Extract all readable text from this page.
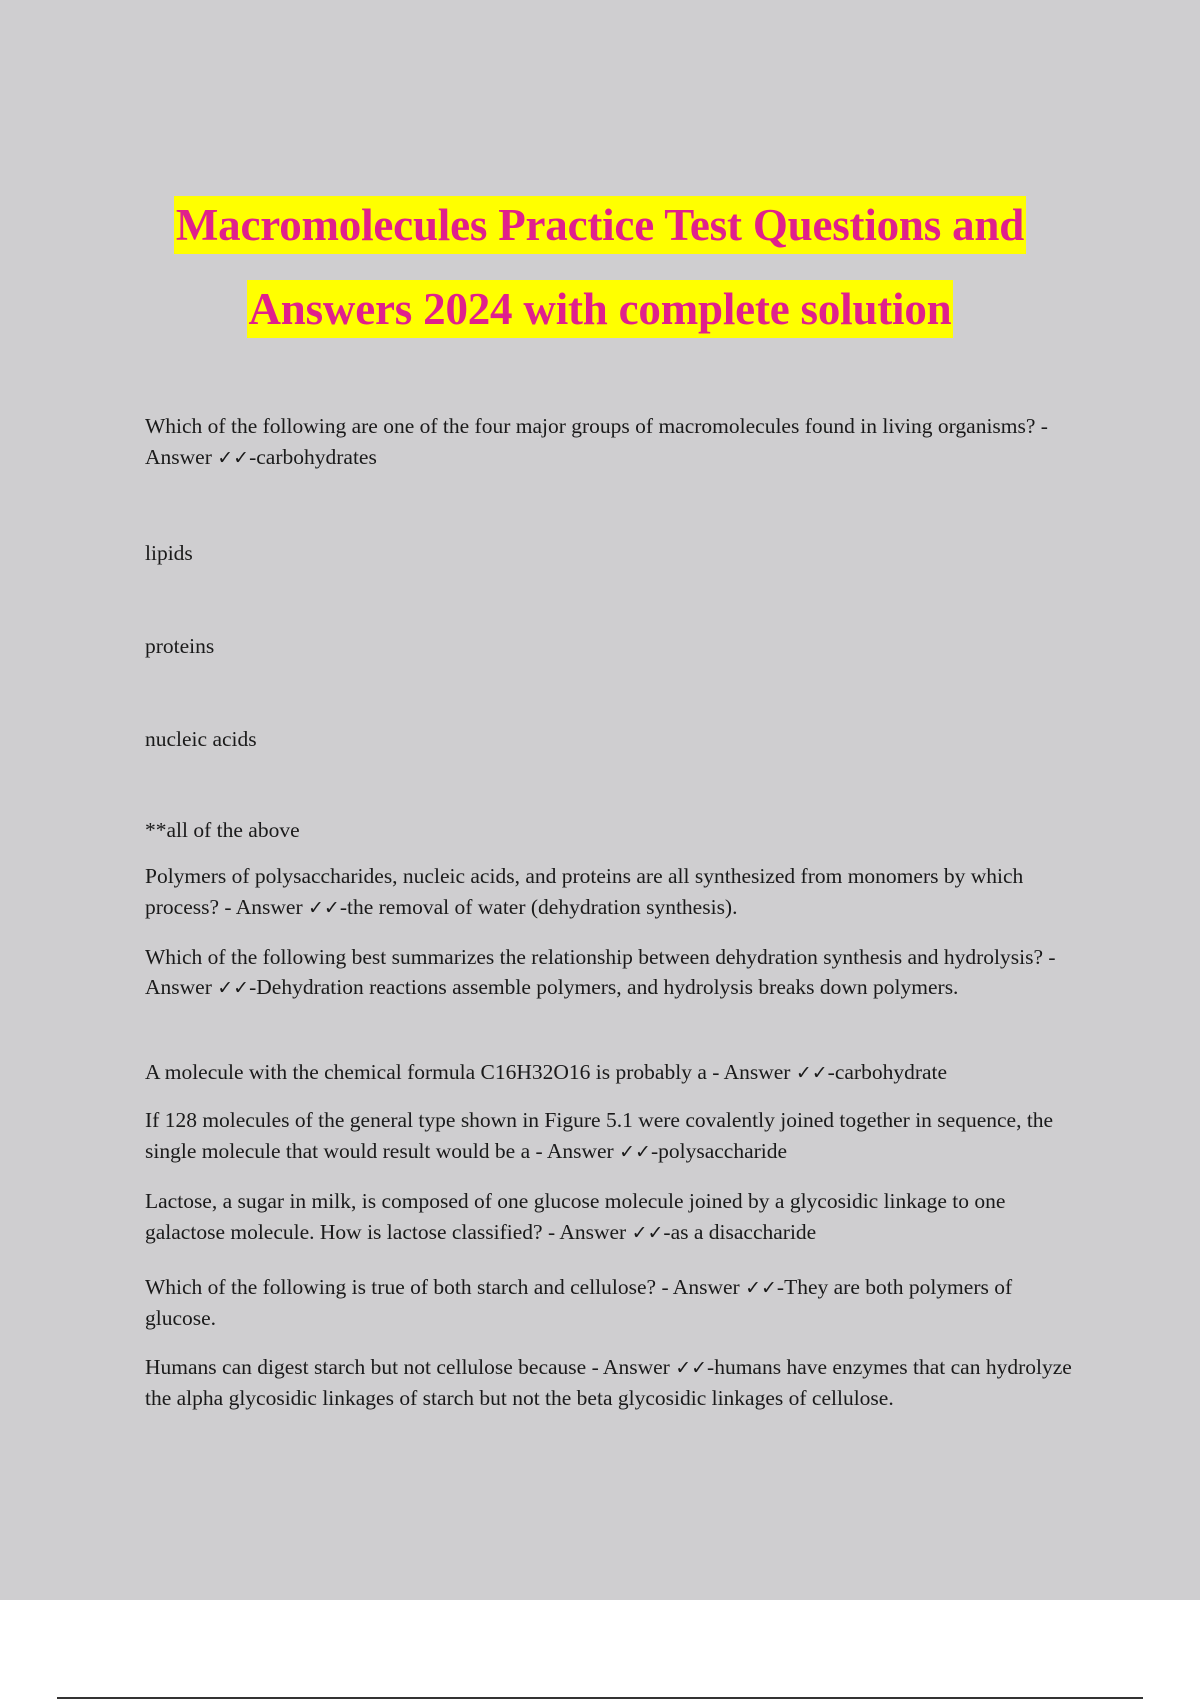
Macromolecules Practice Test Questions and
Answers 2024 with complete solution

Which of the following are one of the four major groups of macromolecules found in living organisms? - Answer ✓✓-carbohydrates

lipids

proteins

nucleic acids

**all of the above

Polymers of polysaccharides, nucleic acids, and proteins are all synthesized from monomers by which process? - Answer ✓✓-the removal of water (dehydration synthesis).

Which of the following best summarizes the relationship between dehydration synthesis and hydrolysis? - Answer ✓✓-Dehydration reactions assemble polymers, and hydrolysis breaks down polymers.

A molecule with the chemical formula C16H32O16 is probably a - Answer ✓✓-carbohydrate

If 128 molecules of the general type shown in Figure 5.1 were covalently joined together in sequence, the single molecule that would result would be a - Answer ✓✓-polysaccharide

Lactose, a sugar in milk, is composed of one glucose molecule joined by a glycosidic linkage to one galactose molecule. How is lactose classified? - Answer ✓✓-as a disaccharide

Which of the following is true of both starch and cellulose? - Answer ✓✓-They are both polymers of glucose.

Humans can digest starch but not cellulose because - Answer ✓✓-humans have enzymes that can hydrolyze the alpha glycosidic linkages of starch but not the beta glycosidic linkages of cellulose.
